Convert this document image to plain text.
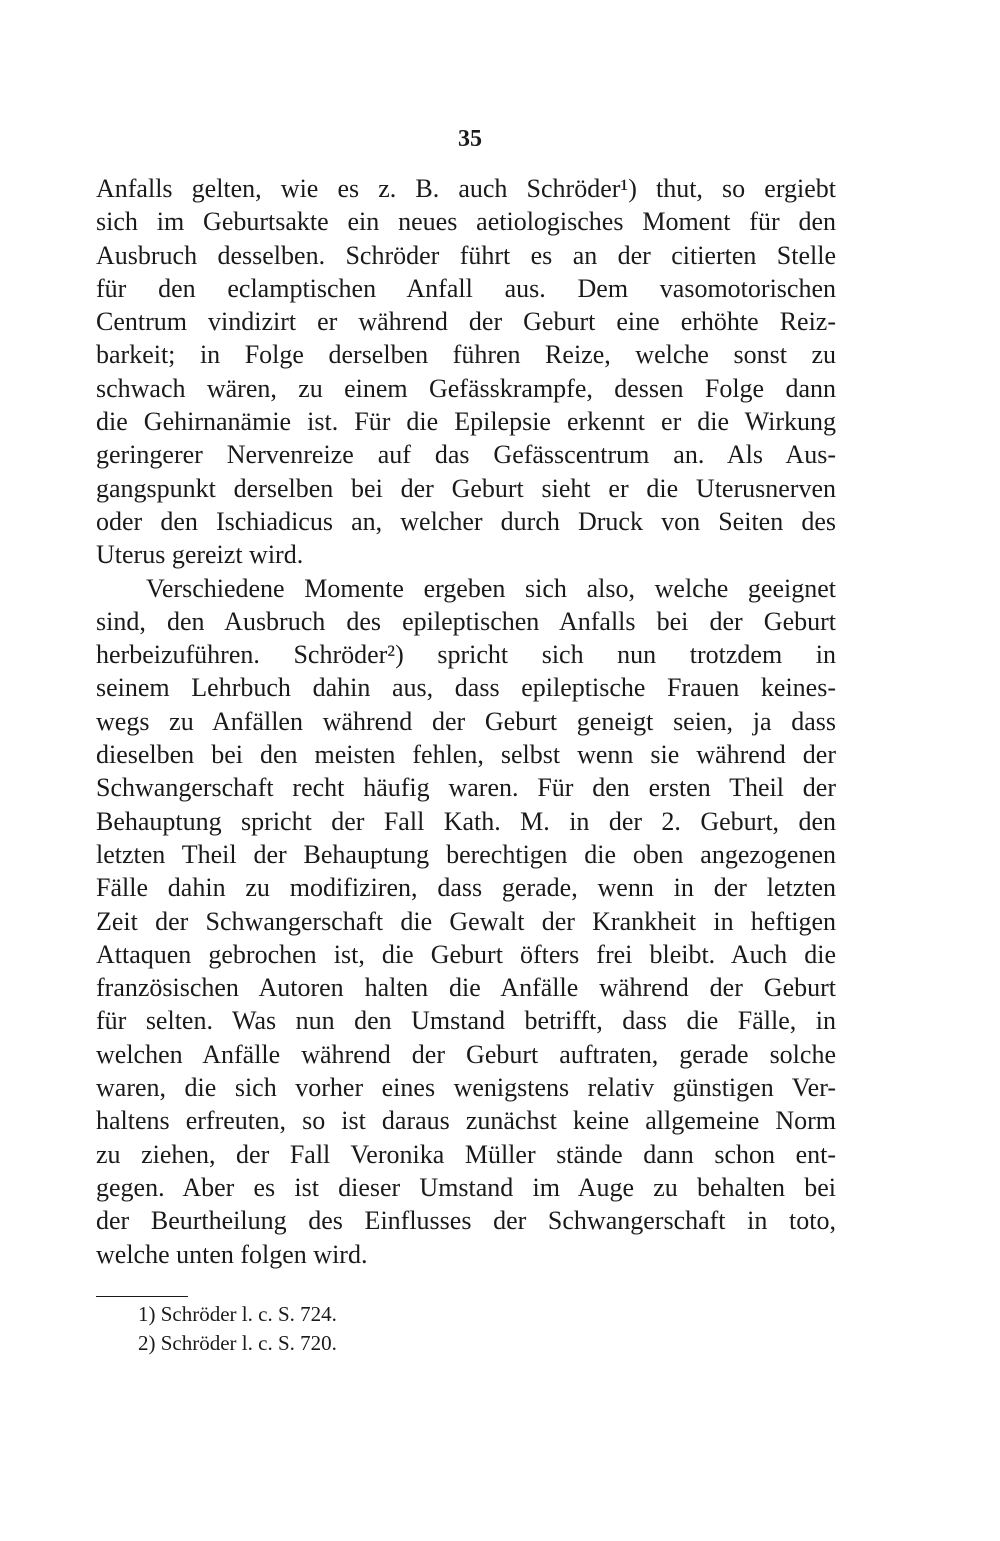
35
Anfalls gelten, wie es z. B. auch Schröder¹) thut, so ergiebt
sich im Geburtsakte ein neues aetiologisches Moment für den
Ausbruch desselben. Schröder führt es an der citierten Stelle
für den eclamptischen Anfall aus. Dem vasomotorischen
Centrum vindizirt er während der Geburt eine erhöhte Reiz-
barkeit; in Folge derselben führen Reize, welche sonst zu
schwach wären, zu einem Gefässkrampfe, dessen Folge dann
die Gehirnanämie ist. Für die Epilepsie erkennt er die Wirkung
geringerer Nervenreize auf das Gefässcentrum an. Als Aus-
gangspunkt derselben bei der Geburt sieht er die Uterusnerven
oder den Ischiadicus an, welcher durch Druck von Seiten des
Uterus gereizt wird.
Verschiedene Momente ergeben sich also, welche geeignet
sind, den Ausbruch des epileptischen Anfalls bei der Geburt
herbeizuführen. Schröder²) spricht sich nun trotzdem in
seinem Lehrbuch dahin aus, dass epileptische Frauen keines-
wegs zu Anfällen während der Geburt geneigt seien, ja dass
dieselben bei den meisten fehlen, selbst wenn sie während der
Schwangerschaft recht häufig waren. Für den ersten Theil der
Behauptung spricht der Fall Kath. M. in der 2. Geburt, den
letzten Theil der Behauptung berechtigen die oben angezogenen
Fälle dahin zu modifiziren, dass gerade, wenn in der letzten
Zeit der Schwangerschaft die Gewalt der Krankheit in heftigen
Attaquen gebrochen ist, die Geburt öfters frei bleibt. Auch die
französischen Autoren halten die Anfälle während der Geburt
für selten. Was nun den Umstand betrifft, dass die Fälle, in
welchen Anfälle während der Geburt auftraten, gerade solche
waren, die sich vorher eines wenigstens relativ günstigen Ver-
haltens erfreuten, so ist daraus zunächst keine allgemeine Norm
zu ziehen, der Fall Veronika Müller stände dann schon ent-
gegen. Aber es ist dieser Umstand im Auge zu behalten bei
der Beurtheilung des Einflusses der Schwangerschaft in toto,
welche unten folgen wird.
1) Schröder l. c. S. 724.
2) Schröder l. c. S. 720.
